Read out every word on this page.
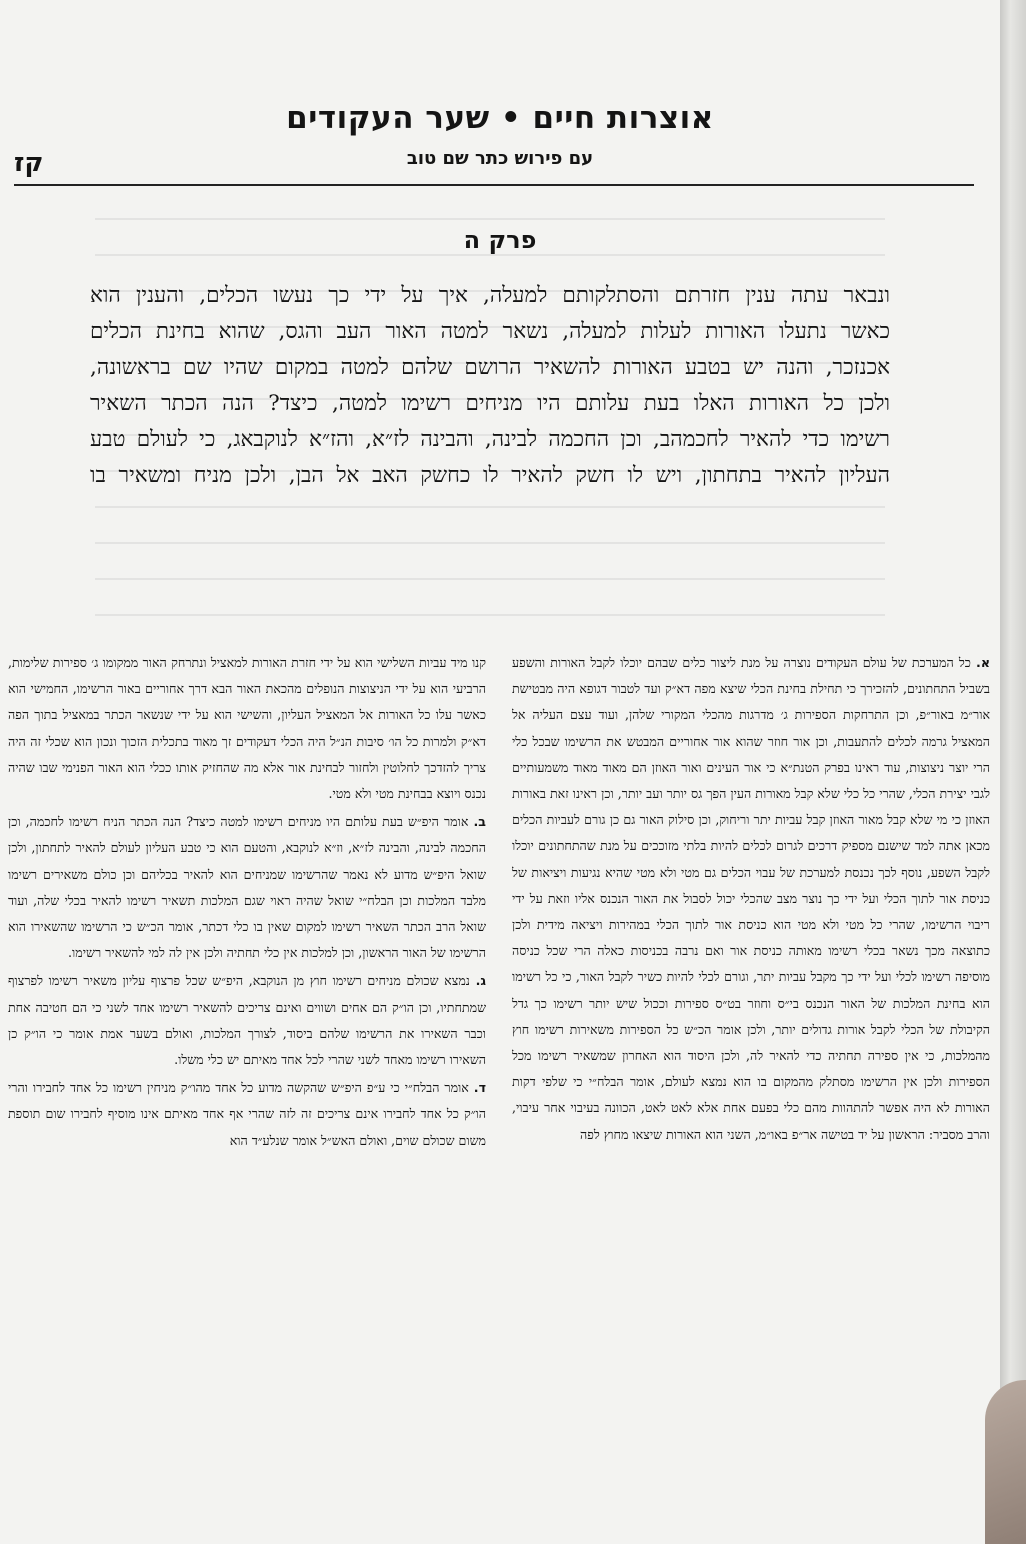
אוצרות חיים • שער העקודים
עם פירוש כתר שם טוב
קז
פרק ה
ונבאר עתה ענין חזרתם והסתלקותם למעלה, איך על ידי כך נעשו הכלים, והענין הוא
כאשר נתעלו האורות לעלות למעלה, נשאר למטה האור העב והגס, שהוא בחינת הכלים
אכנזכר, והנה יש בטבע האורות להשאיר הרושם שלהם למטה במקום שהיו שם בראשונה,
ולכן כל האורות האלו בעת עלותם היו מניחים רשימו למטה, כיצד? הנה הכתר השאיר
רשימו כדי להאיר לחכמהב, וכן החכמה לבינה, והבינה לז״א, והז״א לנוקבאג, כי לעולם טבע
העליון להאיר בתחתון, ויש לו חשק להאיר לו כחשק האב אל הבן, ולכן מניח ומשאיר בו

א. כל המערכת של עולם העקודים נוצרה על מנת ליצור כלים שבהם יוכלו לקבל האורות והשפע בשביל התחתונים, להזכירך כי תחילת בחינת הכלי שיצא מפה דא״ק ועד לטבור דגופא היה מבטישת אור״מ באור״פ, וכן התרחקות הספירות ג׳ מדרגות מהכלי המקורי שלהן, ועוד עצם העליה אל המאציל גרמה לכלים להתעבות, וכן אור חוזר שהוא אור אחוריים המבטש את הרשימו שבכל כלי הרי יוצר ניצוצות, עוד ראינו בפרק הטנת״א כי אור העינים ואור האוזן הם מאוד מאוד משמעותיים לגבי יצירת הכלי, שהרי כל כלי שלא קבל מאורות העין הפך גס יותר ועב יותר, וכן ראינו זאת באורות האוזן כי מי שלא קבל מאור האוזן קבל עביות יתר וריחוק, וכן סילוק האור גם כן גורם לעביות הכלים מכאן אתה למד שישנם מספיק דרכים לגרום לכלים להיות בלתי מזוככים על מנת שהתחתונים יוכלו לקבל השפע, נוסף לכך נכנסת למערכת של עבוי הכלים גם מטי ולא מטי שהיא נגיעות ויציאות של כניסת אור לתוך הכלי ועל ידי כך נוצר מצב שהכלי יכול לסבול את האור הנכנס אליו וזאת על ידי ריבוי הרשימו, שהרי כל מטי ולא מטי הוא כניסת אור לתוך הכלי במהירות ויציאה מידית ולכן כתוצאה מכך נשאר בכלי רשימו מאותה כניסת אור ואם נרבה בכניסות כאלה הרי שכל כניסה מוסיפה רשימו לכלי ועל ידי כך מקבל עביות יתר, וגורם לכלי להיות כשיר לקבל האור, כי כל רשימו הוא בחינת המלכות של האור הנכנס בי״ס וחוזר בט״ס ספירות וככול שיש יותר רשימו כך גדל הקיבולת של הכלי לקבל אורות גדולים יותר, ולכן אומר הכ״ש כל הספירות משאירות רשימו חוץ מהמלכות, כי אין ספירה תחתיה כדי להאיר לה, ולכן היסוד הוא האחרון שמשאיר רשימו מכל הספירות ולכן אין הרשימו מסתלק מהמקום בו הוא נמצא לעולם, אומר הבלח״י כי שלפי דקות האורות לא היה אפשר להתהוות מהם כלי בפעם אחת אלא לאט לאט, הכוונה בעיבוי אחר עיבוי, והרב מסביר: הראשון על יד בטישה אר״פ באו״מ, השני הוא האורות שיצאו מחוץ לפה

קנו מיד עביות השלישי הוא על ידי חזרת האורות למאציל ונתרחק האור ממקומו ג׳ ספירות שלימות, הרביעי הוא על ידי הניצוצות הנופלים מהכאת האור הבא דרך אחוריים באור הרשימו, החמישי הוא כאשר עלו כל האורות אל המאציל העליון, והשישי הוא על ידי שנשאר הכתר במאציל בתוך הפה דא״ק ולמרות כל הו׳ סיבות הנ״ל היה הכלי דעקודים זך מאוד בתכלית הזכוך ונכון הוא שכלי זה היה צריך להזדכך לחלוטין ולחזור לבחינת אור אלא מה שהחזיק אותו ככלי הוא האור הפנימי שבו שהיה נכנס ויוצא בבחינת מטי ולא מטי.

ב. אומר היפ״ש בעת עלותם היו מניחים רשימו למטה כיצד? הנה הכתר הניח רשימו לחכמה, וכן החכמה לבינה, והבינה לז״א, וז״א לנוקבא, והטעם הוא כי טבע העליון לעולם להאיר לתחתון, ולכן שואל היפ״ש מדוע לא נאמר שהרשימו שמניחים הוא להאיר בכליהם וכן כולם משאירים רשימו מלבד המלכות וכן הבלח״י שואל שהיה ראוי שגם המלכות תשאיר רשימו להאיר בכלי שלה, ועוד שואל הרב הכתר השאיר רשימו למקום שאין בו כלי דכתר, אומר הכ״ש כי הרשימו שהשאירו הוא הרשימו של האור הראשון, וכן למלכות אין כלי תחתיה ולכן אין לה למי להשאיר רשימו.

ג. נמצא שכולם מניחים רשימו חוץ מן הנוקבא, היפ״ש שכל פרצוף עליון משאיר רשימו לפרצוף שמתחתיו, וכן הו״ק הם אחים ושווים ואינם צריכים להשאיר רשימו אחד לשני כי הם חטיבה אחת וכבר השאירו את הרשימו שלהם ביסוד, לצורך המלכות, ואולם בשער אמת אומר כי הו״ק כן השאירו רשימו מאחד לשני שהרי לכל אחד מאיתם יש כלי משלו.

ד. אומר הבלח״י כי ע״פ היפ״ש שהקשה מדוע כל אחד מהו״ק מניחין רשימו כל אחד לחבירו והרי הו״ק כל אחד לחבירו אינם צריכים זה לזה שהרי אף אחד מאיתם אינו מוסיף לחבירו שום תוספת משום שכולם שוים, ואולם האש״ל אומר שנלע״ד הוא
